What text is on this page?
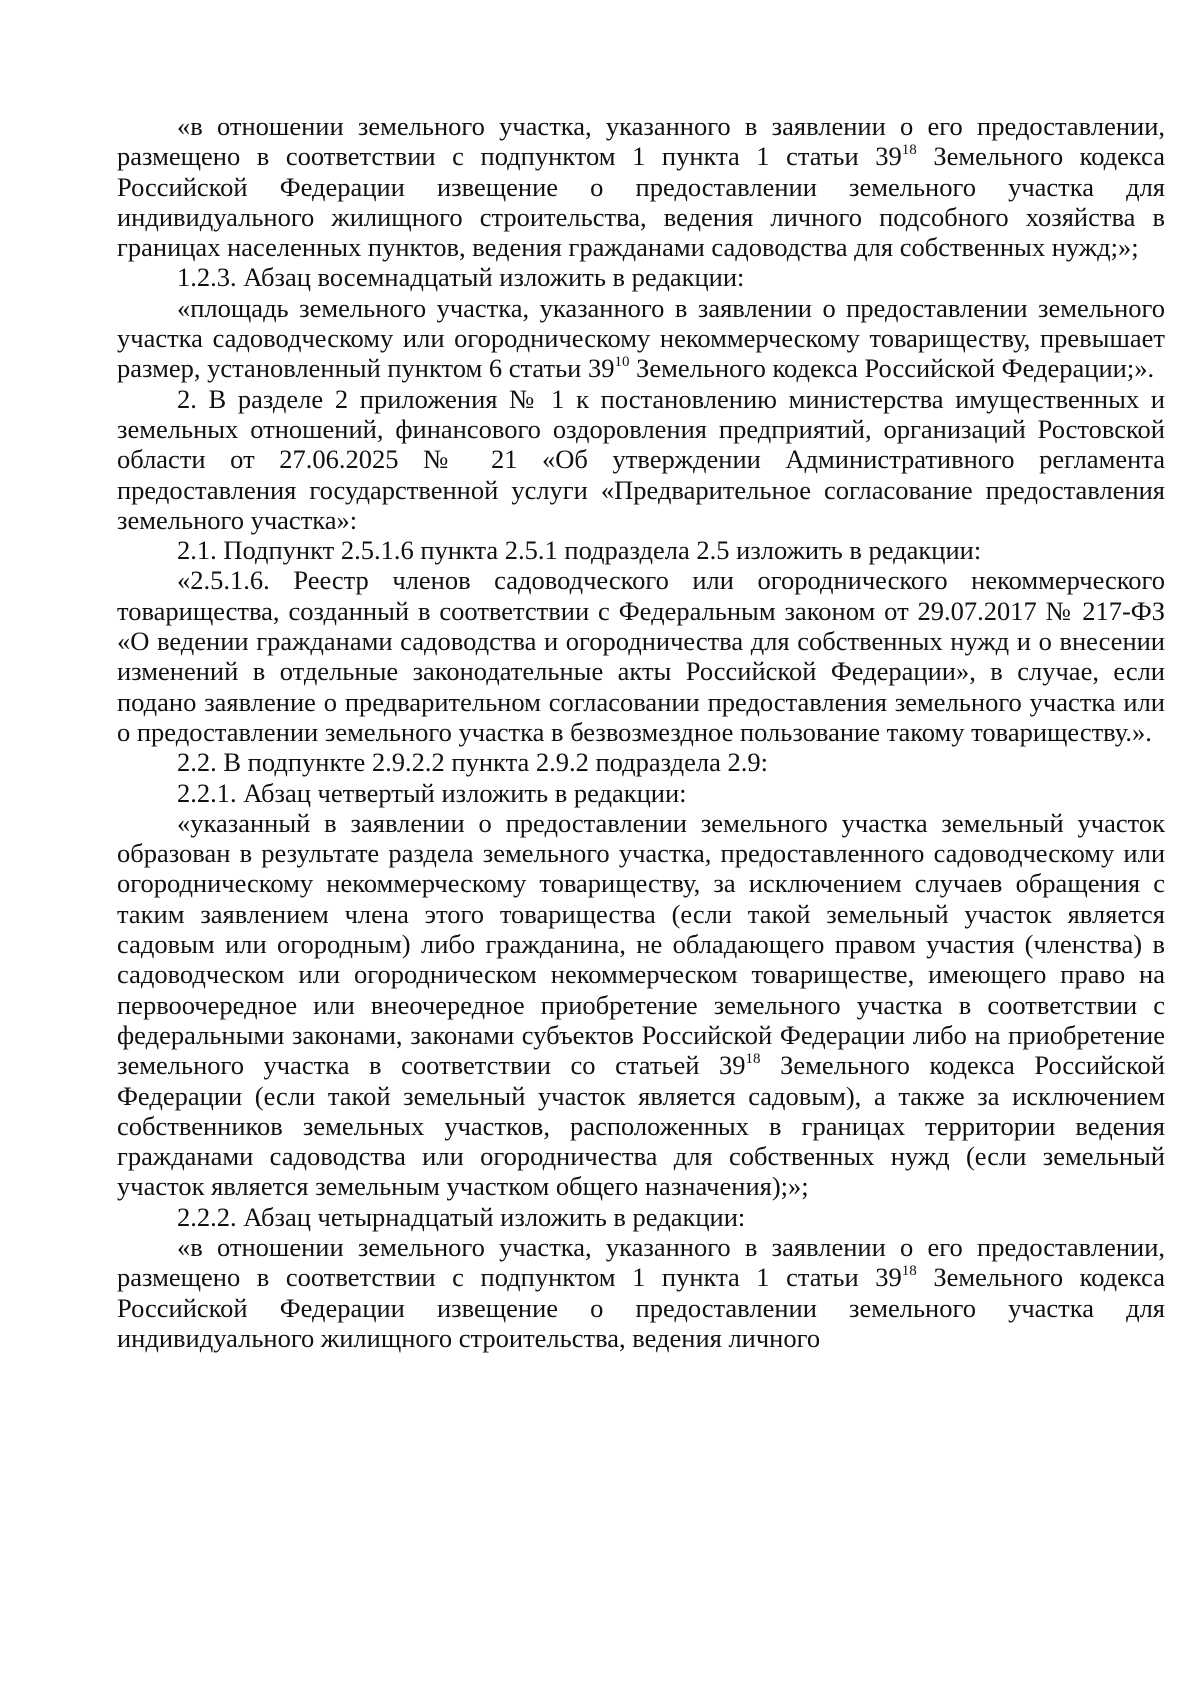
«в отношении земельного участка, указанного в заявлении о его предоставлении, размещено в соответствии с подпунктом 1 пункта 1 статьи $39^{18}$ Земельного кодекса Российской Федерации извещение о предоставлении земельного участка для индивидуального жилищного строительства, ведения личного подсобного хозяйства в границах населенных пунктов, ведения гражданами садоводства для собственных нужд;»;

1.2.3. Абзац восемнадцатый изложить в редакции:

«площадь земельного участка, указанного в заявлении о предоставлении земельного участка садоводческому или огородническому некоммерческому товариществу, превышает размер, установленный пунктом 6 статьи $39^{10}$ Земельного кодекса Российской Федерации;».

2. В разделе 2 приложения № 1 к постановлению министерства имущественных и земельных отношений, финансового оздоровления предприятий, организаций Ростовской области от 27.06.2025 № 21 «Об утверждении Административного регламента предоставления государственной услуги «Предварительное согласование предоставления земельного участка»:

2.1. Подпункт 2.5.1.6 пункта 2.5.1 подраздела 2.5 изложить в редакции:

«2.5.1.6. Реестр членов садоводческого или огороднического некоммерческого товарищества, созданный в соответствии с Федеральным законом от 29.07.2017 № 217-ФЗ «О ведении гражданами садоводства и огородничества для собственных нужд и о внесении изменений в отдельные законодательные акты Российской Федерации», в случае, если подано заявление о предварительном согласовании предоставления земельного участка или о предоставлении земельного участка в безвозмездное пользование такому товариществу.».

2.2. В подпункте 2.9.2.2 пункта 2.9.2 подраздела 2.9:

2.2.1. Абзац четвертый изложить в редакции:

«указанный в заявлении о предоставлении земельного участка земельный участок образован в результате раздела земельного участка, предоставленного садоводческому или огородническому некоммерческому товариществу, за исключением случаев обращения с таким заявлением члена этого товарищества (если такой земельный участок является садовым или огородным) либо гражданина, не обладающего правом участия (членства) в садоводческом или огородническом некоммерческом товариществе, имеющего право на первоочередное или внеочередное приобретение земельного участка в соответствии с федеральными законами, законами субъектов Российской Федерации либо на приобретение земельного участка в соответствии со статьей $39^{18}$ Земельного кодекса Российской Федерации (если такой земельный участок является садовым), а также за исключением собственников земельных участков, расположенных в границах территории ведения гражданами садоводства или огородничества для собственных нужд (если земельный участок является земельным участком общего назначения);»;

2.2.2. Абзац четырнадцатый изложить в редакции:

«в отношении земельного участка, указанного в заявлении о его предоставлении, размещено в соответствии с подпунктом 1 пункта 1 статьи $39^{18}$ Земельного кодекса Российской Федерации извещение о предоставлении земельного участка для индивидуального жилищного строительства, ведения личного
